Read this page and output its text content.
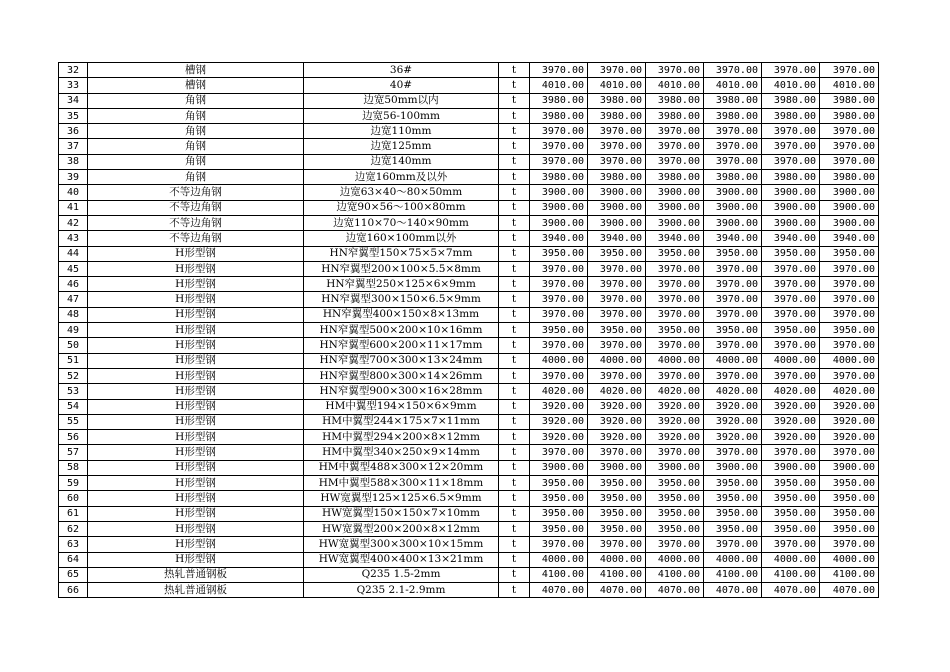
32	槽钢	36#	t	3970.00	3970.00	3970.00	3970.00	3970.00	3970.00
33	槽钢	40#	t	4010.00	4010.00	4010.00	4010.00	4010.00	4010.00
34	角钢	边宽50mm以内	t	3980.00	3980.00	3980.00	3980.00	3980.00	3980.00
35	角钢	边宽56-100mm	t	3980.00	3980.00	3980.00	3980.00	3980.00	3980.00
36	角钢	边宽110mm	t	3970.00	3970.00	3970.00	3970.00	3970.00	3970.00
37	角钢	边宽125mm	t	3970.00	3970.00	3970.00	3970.00	3970.00	3970.00
38	角钢	边宽140mm	t	3970.00	3970.00	3970.00	3970.00	3970.00	3970.00
39	角钢	边宽160mm及以外	t	3980.00	3980.00	3980.00	3980.00	3980.00	3980.00
40	不等边角钢	边宽63×40～80×50mm	t	3900.00	3900.00	3900.00	3900.00	3900.00	3900.00
41	不等边角钢	边宽90×56～100×80mm	t	3900.00	3900.00	3900.00	3900.00	3900.00	3900.00
42	不等边角钢	边宽110×70～140×90mm	t	3900.00	3900.00	3900.00	3900.00	3900.00	3900.00
43	不等边角钢	边宽160×100mm以外	t	3940.00	3940.00	3940.00	3940.00	3940.00	3940.00
44	H形型钢	HN窄翼型150×75×5×7mm	t	3950.00	3950.00	3950.00	3950.00	3950.00	3950.00
45	H形型钢	HN窄翼型200×100×5.5×8mm	t	3970.00	3970.00	3970.00	3970.00	3970.00	3970.00
46	H形型钢	HN窄翼型250×125×6×9mm	t	3970.00	3970.00	3970.00	3970.00	3970.00	3970.00
47	H形型钢	HN窄翼型300×150×6.5×9mm	t	3970.00	3970.00	3970.00	3970.00	3970.00	3970.00
48	H形型钢	HN窄翼型400×150×8×13mm	t	3970.00	3970.00	3970.00	3970.00	3970.00	3970.00
49	H形型钢	HN窄翼型500×200×10×16mm	t	3950.00	3950.00	3950.00	3950.00	3950.00	3950.00
50	H形型钢	HN窄翼型600×200×11×17mm	t	3970.00	3970.00	3970.00	3970.00	3970.00	3970.00
51	H形型钢	HN窄翼型700×300×13×24mm	t	4000.00	4000.00	4000.00	4000.00	4000.00	4000.00
52	H形型钢	HN窄翼型800×300×14×26mm	t	3970.00	3970.00	3970.00	3970.00	3970.00	3970.00
53	H形型钢	HN窄翼型900×300×16×28mm	t	4020.00	4020.00	4020.00	4020.00	4020.00	4020.00
54	H形型钢	HM中翼型194×150×6×9mm	t	3920.00	3920.00	3920.00	3920.00	3920.00	3920.00
55	H形型钢	HM中翼型244×175×7×11mm	t	3920.00	3920.00	3920.00	3920.00	3920.00	3920.00
56	H形型钢	HM中翼型294×200×8×12mm	t	3920.00	3920.00	3920.00	3920.00	3920.00	3920.00
57	H形型钢	HM中翼型340×250×9×14mm	t	3970.00	3970.00	3970.00	3970.00	3970.00	3970.00
58	H形型钢	HM中翼型488×300×12×20mm	t	3900.00	3900.00	3900.00	3900.00	3900.00	3900.00
59	H形型钢	HM中翼型588×300×11×18mm	t	3950.00	3950.00	3950.00	3950.00	3950.00	3950.00
60	H形型钢	HW宽翼型125×125×6.5×9mm	t	3950.00	3950.00	3950.00	3950.00	3950.00	3950.00
61	H形型钢	HW宽翼型150×150×7×10mm	t	3950.00	3950.00	3950.00	3950.00	3950.00	3950.00
62	H形型钢	HW宽翼型200×200×8×12mm	t	3950.00	3950.00	3950.00	3950.00	3950.00	3950.00
63	H形型钢	HW宽翼型300×300×10×15mm	t	3970.00	3970.00	3970.00	3970.00	3970.00	3970.00
64	H形型钢	HW宽翼型400×400×13×21mm	t	4000.00	4000.00	4000.00	4000.00	4000.00	4000.00
65	热轧普通钢板	Q235 1.5-2mm	t	4100.00	4100.00	4100.00	4100.00	4100.00	4100.00
66	热轧普通钢板	Q235 2.1-2.9mm	t	4070.00	4070.00	4070.00	4070.00	4070.00	4070.00
